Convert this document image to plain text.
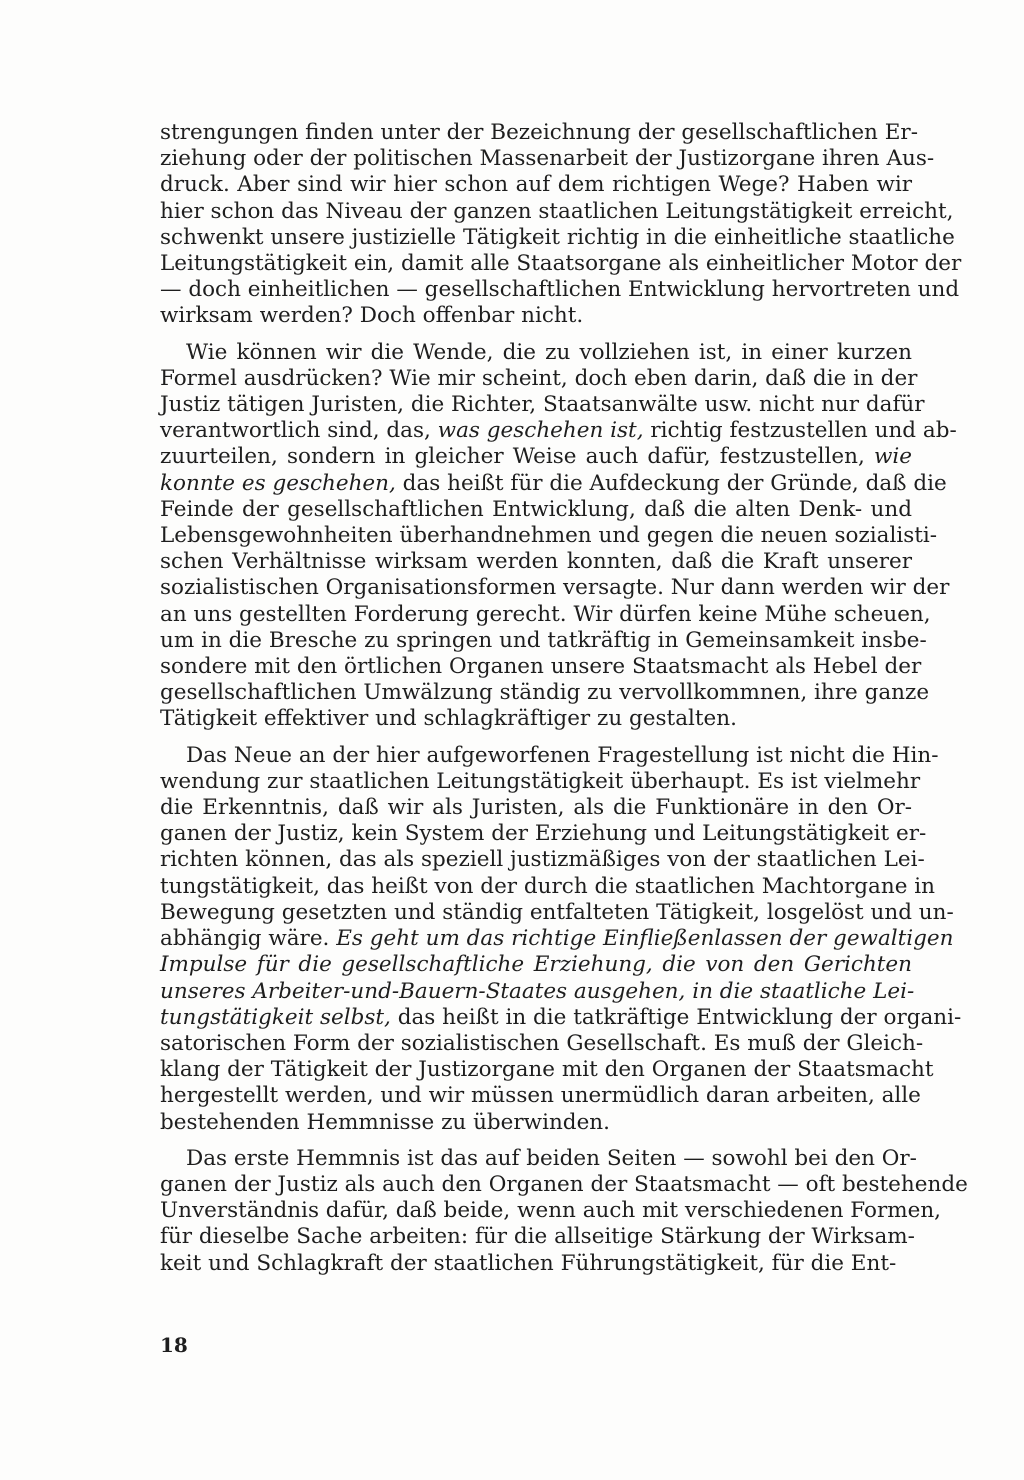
strengungen finden unter der Bezeichnung der gesellschaftlichen Er-
ziehung oder der politischen Massenarbeit der Justizorgane ihren Aus-
druck. Aber sind wir hier schon auf dem richtigen Wege? Haben wir
hier schon das Niveau der ganzen staatlichen Leitungstätigkeit erreicht,
schwenkt unsere justizielle Tätigkeit richtig in die einheitliche staatliche
Leitungstätigkeit ein, damit alle Staatsorgane als einheitlicher Motor der
— doch einheitlichen — gesellschaftlichen Entwicklung hervortreten und
wirksam werden? Doch offenbar nicht.
Wie können wir die Wende, die zu vollziehen ist, in einer kurzen
Formel ausdrücken? Wie mir scheint, doch eben darin, daß die in der
Justiz tätigen Juristen, die Richter, Staatsanwälte usw. nicht nur dafür
verantwortlich sind, das, was geschehen ist, richtig festzustellen und ab-
zuurteilen, sondern in gleicher Weise auch dafür, festzustellen, wie
konnte es geschehen, das heißt für die Aufdeckung der Gründe, daß die
Feinde der gesellschaftlichen Entwicklung, daß die alten Denk- und
Lebensgewohnheiten überhandnehmen und gegen die neuen sozialisti-
schen Verhältnisse wirksam werden konnten, daß die Kraft unserer
sozialistischen Organisationsformen versagte. Nur dann werden wir der
an uns gestellten Forderung gerecht. Wir dürfen keine Mühe scheuen,
um in die Bresche zu springen und tatkräftig in Gemeinsamkeit insbe-
sondere mit den örtlichen Organen unsere Staatsmacht als Hebel der
gesellschaftlichen Umwälzung ständig zu vervollkommnen, ihre ganze
Tätigkeit effektiver und schlagkräftiger zu gestalten.
Das Neue an der hier aufgeworfenen Fragestellung ist nicht die Hin-
wendung zur staatlichen Leitungstätigkeit überhaupt. Es ist vielmehr
die Erkenntnis, daß wir als Juristen, als die Funktionäre in den Or-
ganen der Justiz, kein System der Erziehung und Leitungstätigkeit er-
richten können, das als speziell justizmäßiges von der staatlichen Lei-
tungstätigkeit, das heißt von der durch die staatlichen Machtorgane in
Bewegung gesetzten und ständig entfalteten Tätigkeit, losgelöst und un-
abhängig wäre. Es geht um das richtige Einfließenlassen der gewaltigen
Impulse für die gesellschaftliche Erziehung, die von den Gerichten
unseres Arbeiter-und-Bauern-Staates ausgehen, in die staatliche Lei-
tungstätigkeit selbst, das heißt in die tatkräftige Entwicklung der organi-
satorischen Form der sozialistischen Gesellschaft. Es muß der Gleich-
klang der Tätigkeit der Justizorgane mit den Organen der Staatsmacht
hergestellt werden, und wir müssen unermüdlich daran arbeiten, alle
bestehenden Hemmnisse zu überwinden.
Das erste Hemmnis ist das auf beiden Seiten — sowohl bei den Or-
ganen der Justiz als auch den Organen der Staatsmacht — oft bestehende
Unverständnis dafür, daß beide, wenn auch mit verschiedenen Formen,
für dieselbe Sache arbeiten: für die allseitige Stärkung der Wirksam-
keit und Schlagkraft der staatlichen Führungstätigkeit, für die Ent-
18
